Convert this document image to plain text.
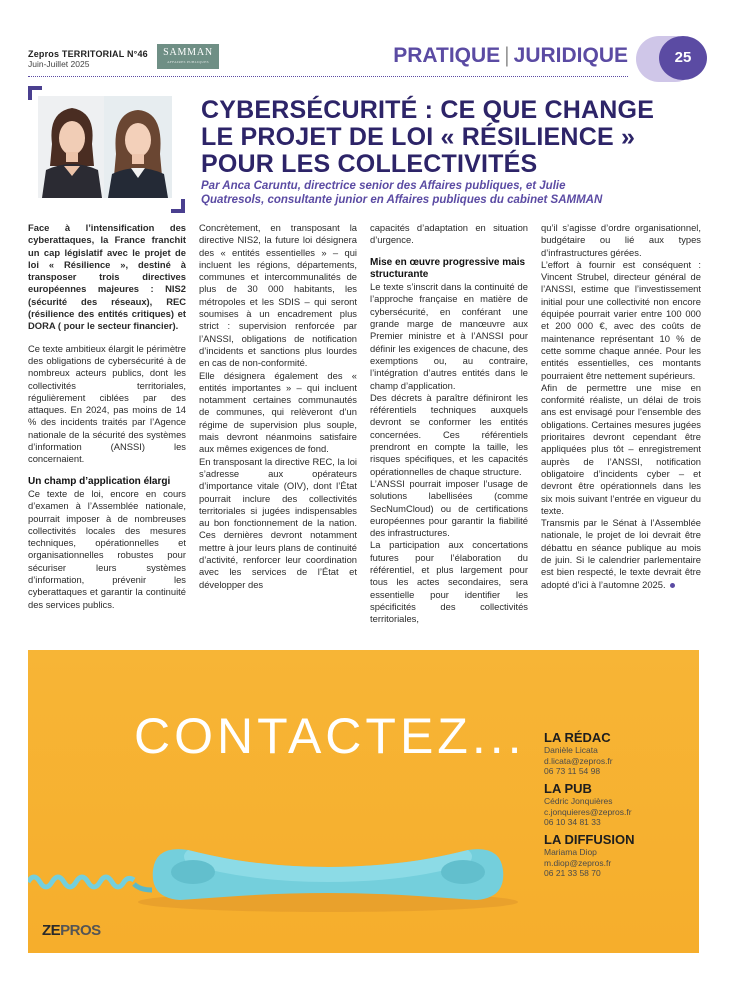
Zepros TERRITORIAL N°46
Juin-Juillet 2025
SAMMAN
AFFAIRES PUBLIQUES	PRATIQUE | JURIDIQUE	25
CYBERSÉCURITÉ : CE QUE CHANGE
LE PROJET DE LOI « RÉSILIENCE »
POUR LES COLLECTIVITÉS
Par Anca Caruntu, directrice senior des Affaires publiques, et Julie
Quatresols, consultante junior en Affaires publiques du cabinet SAMMAN

Face à l’intensification des cyberattaques, la France franchit un cap législatif avec le projet de loi « Résilience », destiné à transposer trois directives européennes majeures : NIS2 (sécurité des réseaux), REC (résilience des entités critiques) et DORA ( pour le secteur financier).

Ce texte ambitieux élargit le périmètre des obligations de cybersécurité à de nombreux acteurs publics, dont les collectivités territoriales, régulièrement ciblées par des attaques. En 2024, pas moins de 14 % des incidents traités par l’Agence nationale de la sécurité des systèmes d’information (ANSSI) les concernaient.

Un champ d’application élargi

Ce texte de loi, encore en cours d’examen à l’Assemblée nationale, pourrait imposer à de nombreuses collectivités locales des mesures techniques, opérationnelles et organisationnelles robustes pour sécuriser leurs systèmes d’information, prévenir les cyberattaques et garantir la continuité des services publics.

Concrètement, en transposant la directive NIS2, la future loi désignera des « entités essentielles » – qui incluent les régions, départements, communes et intercommunalités de plus de 30 000 habitants, les métropoles et les SDIS – qui seront soumises à un encadrement plus strict : supervision renforcée par l’ANSSI, obligations de notification d’incidents et sanctions plus lourdes en cas de non-conformité.

Elle désignera également des « entités importantes » – qui incluent notamment certaines communautés de communes, qui relèveront d’un régime de supervision plus souple, mais devront néanmoins satisfaire aux mêmes exigences de fond.

En transposant la directive REC, la loi s’adresse aux opérateurs d’importance vitale (OIV), dont l’État pourrait inclure des collectivités territoriales si jugées indispensables au bon fonctionnement de la nation. Ces dernières devront notamment mettre à jour leurs plans de continuité d’activité, renforcer leur coordination avec les services de l’État et développer des

capacités d’adaptation en situation d’urgence.

Mise en œuvre progressive mais structurante

Le texte s’inscrit dans la continuité de l’approche française en matière de cybersécurité, en conférant une grande marge de manœuvre aux Premier ministre et à l’ANSSI pour définir les exigences de chacune, des exemptions ou, au contraire, l’intégration d’autres entités dans le champ d’application.

Des décrets à paraître définiront les référentiels techniques auxquels devront se conformer les entités concernées. Ces référentiels prendront en compte la taille, les risques spécifiques, et les capacités opérationnelles de chaque structure.

L’ANSSI pourrait imposer l’usage de solutions labellisées (comme SecNumCloud) ou de certifications européennes pour garantir la fiabilité des infrastructures.

La participation aux concertations futures pour l’élaboration du référentiel, et plus largement pour tous les actes secondaires, sera essentielle pour identifier les spécificités des collectivités territoriales,

qu’il s’agisse d’ordre organisationnel, budgétaire ou lié aux types d’infrastructures gérées.

L’effort à fournir est conséquent : Vincent Strubel, directeur général de l’ANSSI, estime que l’investissement initial pour une collectivité non encore équipée pourrait varier entre 100 000 et 200 000 €, avec des coûts de maintenance représentant 10 % de cette somme chaque année. Pour les entités essentielles, ces montants pourraient être nettement supérieurs.

Afin de permettre une mise en conformité réaliste, un délai de trois ans est envisagé pour l’ensemble des obligations. Certaines mesures jugées prioritaires devront cependant être appliquées plus tôt – enregistrement auprès de l’ANSSI, notification obligatoire d’incidents cyber – et devront être opérationnels dans les six mois suivant l’entrée en vigueur du texte.

Transmis par le Sénat à l’Assemblée nationale, le projet de loi devrait être débattu en séance publique au mois de juin. Si le calendrier parlementaire est bien respecté, le texte devrait être adopté d’ici à l’automne 2025.

CONTACTEZ...
ZEPROS
LA RÉDAC
Danièle Licata
d.licata@zepros.fr
06 73 11 54 98
LA PUB
Cédric Jonquières
c.jonquieres@zepros.fr
06 10 34 81 33
LA DIFFUSION
Mariama Diop
m.diop@zepros.fr
06 21 33 58 70
